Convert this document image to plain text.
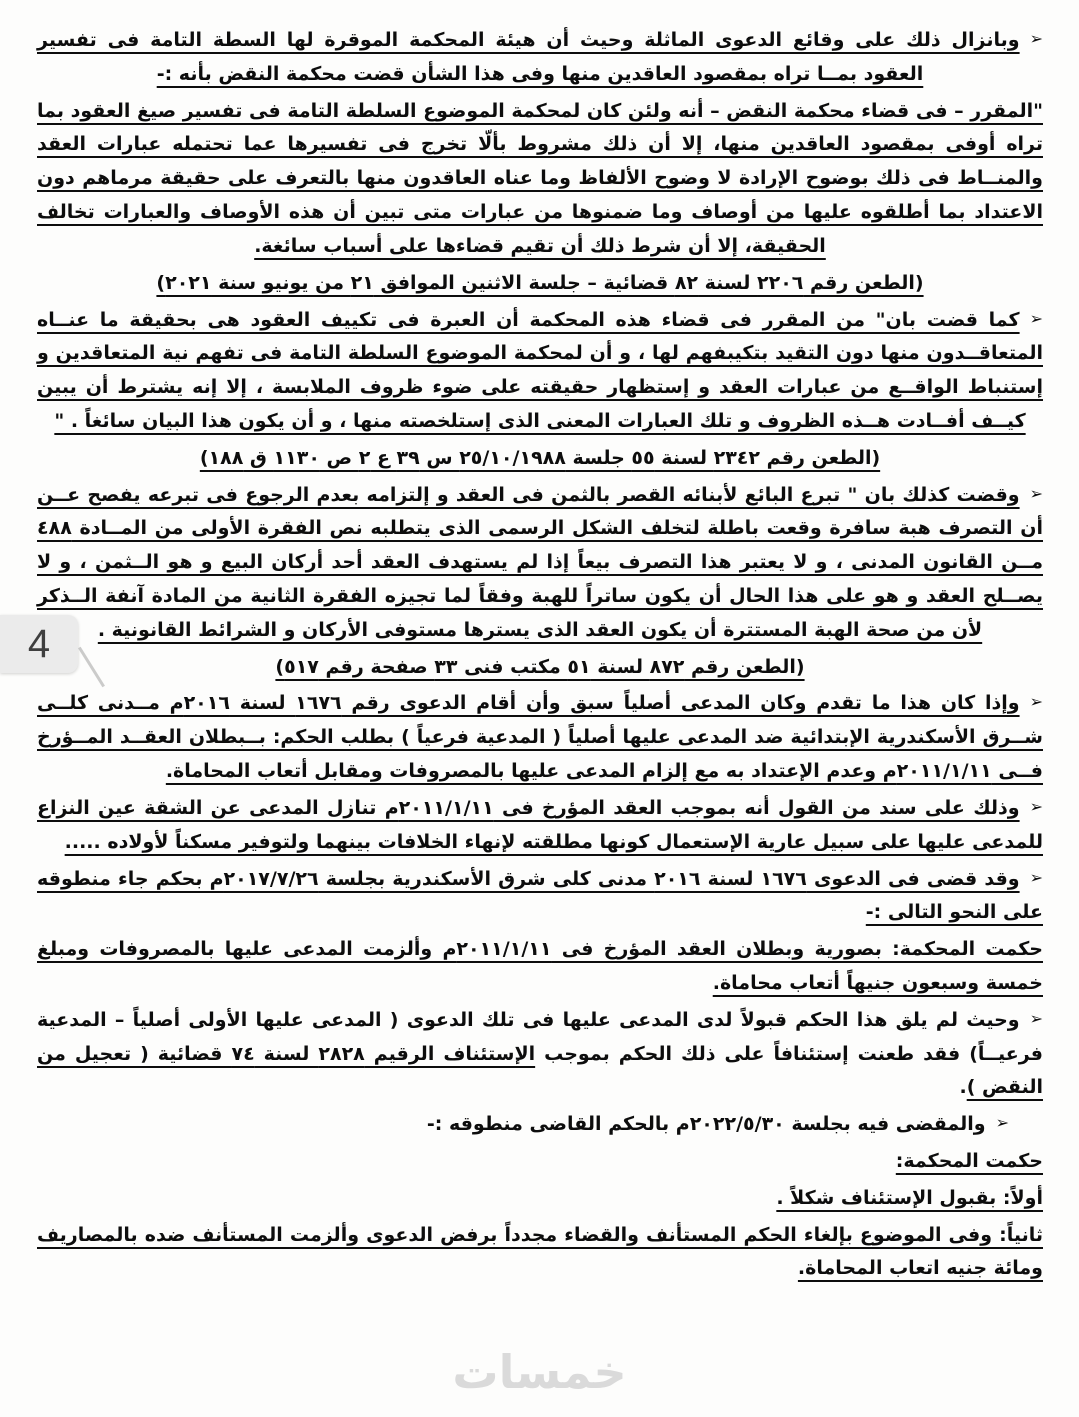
➢وبانزال ذلك على وقائع الدعوى الماثلة وحيث أن هيئة المحكمة الموقرة لها السطة التامة فى تفسير العقود بمــا تراه بمقصود العاقدين منها وفى هذا الشأن قضت محكمة النقض بأنه :-

"المقرر – فى قضاء محكمة النقض – أنه ولئن كان لمحكمة الموضوع السلطة التامة فى تفسير صيغ العقود بما تراه أوفى بمقصود العاقدين منها، إلا أن ذلك مشروط بألّا تخرج فى تفسيرها عما تحتمله عبارات العقد والمنــاط فى ذلك بوضوح الإرادة لا وضوح الألفاظ وما عناه العاقدون منها بالتعرف على حقيقة مرماهم دون الاعتداد بما أطلقوه عليها من أوصاف وما ضمنوها من عبارات متى تبين أن هذه الأوصاف والعبارات تخالف الحقيقة، إلا أن شرط ذلك أن تقيم قضاءها على أسباب سائغة.

(الطعن رقم ٢٢٠٦ لسنة ٨٢ قضائية – جلسة الاثنين الموافق ٢١ من يونيو سنة ٢٠٢١)

➢كما قضت بان" من المقرر فى قضاء هذه المحكمة أن العبرة فى تكييف العقود هى بحقيقة ما عنــاه المتعاقــدون منها دون التقيد بتكيبفهم لها ، و أن لمحكمة الموضوع السلطة التامة فى تفهم نية المتعاقدين و إستنباط الواقــع من عبارات العقد و إستظهار حقيقته على ضوء ظروف الملابسة ، إلا إنه يشترط أن يبين كيــف أفــادت هــذه الظروف و تلك العبارات المعنى الذى إستلخصته منها ، و أن يكون هذا البيان سائغاً . "

(الطعن رقم ٢٣٤٢ لسنة ٥٥ جلسة ٢٥/١٠/١٩٨٨ س ٣٩ ع ٢ ص ١١٣٠ ق ١٨٨)

➢وقضت كذلك بان " تبرع البائع لأبنائه القصر بالثمن فى العقد و إلتزامه بعدم الرجوع فى تبرعه يفصح عــن أن التصرف هبة سافرة وقعت باطلة لتخلف الشكل الرسمى الذى يتطلبه نص الفقرة الأولى من المــادة ٤٨٨ مــن القانون المدنى ، و لا يعتبر هذا التصرف بيعاً إذا لم يستهدف العقد أحد أركان البيع و هو الــثمن ، و لا يصــلح العقد و هو على هذا الحال أن يكون ساتراً للهبة وفقاً لما تجيزه الفقرة الثانية من المادة آنفة الــذكر لأن من صحة الهبة المستترة أن يكون العقد الذى يسترها مستوفى الأركان و الشرائط القانونية .

(الطعن رقم ٨٧٢ لسنة ٥١ مكتب فنى ٣٣ صفحة رقم ٥١٧)

➢وإذا كان هذا ما تقدم وكان المدعى أصلياً سبق وأن أقام الدعوى رقم ١٦٧٦ لسنة ٢٠١٦م مــدنى كلــى شــرق الأسكندرية الإبتدائية ضد المدعى عليها أصلياً ( المدعية فرعياً ) بطلب الحكم: بــبطلان العقــد المــؤرخ فــى ٢٠١١/١/١١م وعدم الإعتداد به مع إلزام المدعى عليها بالمصروفات ومقابل أتعاب المحاماة.

➢وذلك على سند من القول أنه بموجب العقد المؤرخ فى ٢٠١١/١/١١م تنازل المدعى عن الشقة عين النزاع للمدعى عليها على سبيل عارية الإستعمال كونها مطلقته لإنهاء الخلافات بينهما ولتوفير مسكناً لأولاده .....

➢وقد قضى فى الدعوى ١٦٧٦ لسنة ٢٠١٦ مدنى كلى شرق الأسكندرية بجلسة ٢٠١٧/٧/٢٦م بحكم جاء منطوقه على النحو التالى :-

حكمت المحكمة: بصورية وبطلان العقد المؤرخ فى ٢٠١١/١/١١م وألزمت المدعى عليها بالمصروفات ومبلغ خمسة وسبعون جنيهاً أتعاب محاماة.

➢وحيث لم يلق هذا الحكم قبولاً لدى المدعى عليها فى تلك الدعوى ( المدعى عليها الأولى أصلياً – المدعية فرعيــاً) فقد طعنت إستئنافاً على ذلك الحكم بموجب الإستئناف الرقيم ٢٨٢٨ لسنة ٧٤ قضائية ( تعجيل من النقض ).

➢والمقضى فيه بجلسة ٢٠٢٢/٥/٣٠م بالحكم القاضى منطوقه :-

حكمت المحكمة:

أولاً: بقبول الإستئناف شكلاً .

ثانياً: وفى الموضوع بإلغاء الحكم المستأنف والقضاء مجدداً برفض الدعوى وألزمت المستأنف ضده بالمصاريف ومائة جنيه اتعاب المحاماة.

4
خمسات
